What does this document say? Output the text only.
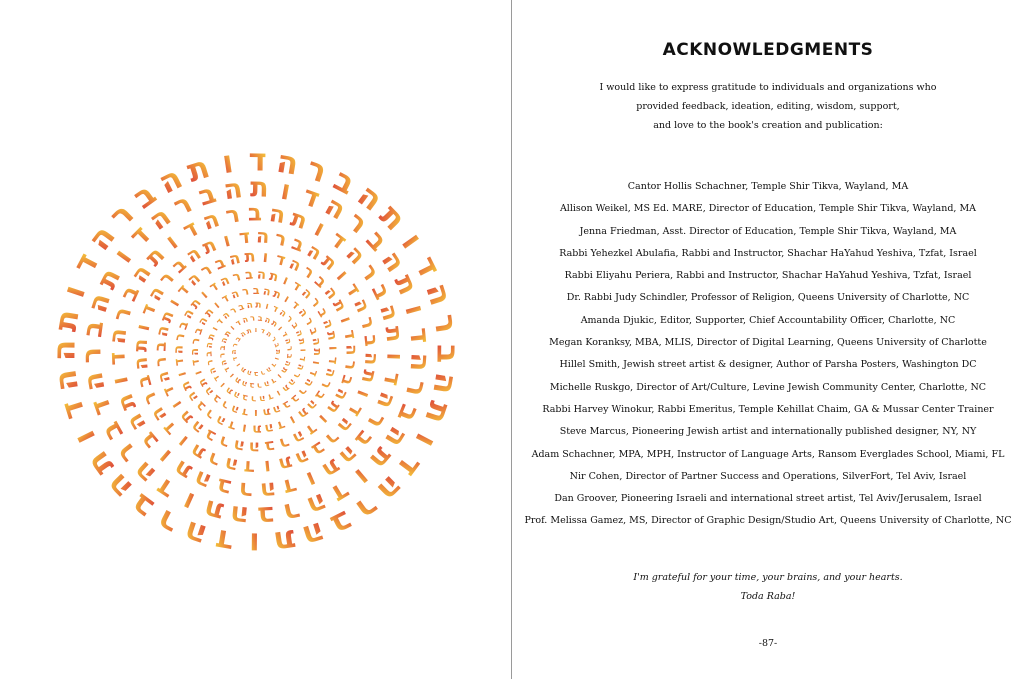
ת
ו
ד
ה
ר
ב
ה
ת
ו
ד
ה
ר
ב
ה
ת ו ד
ה
ר
ב
ה
ת
ו
ד
ה
ר
ב
ה
ת
ו
ד
ה
ר
ב
ה
ת
ו
ד
ה ר ב ה
ת
ו
ד
ה
ר
ב
ה
ת
ו
ד
ה
ר
ב
ה
ת
ו
ד
ה
ר
ב
ה
ת
ו
ד
ה
ר
ב ה ת ו ד
ה
ר
ב
ה
ת
ו
ד
ה
ר
ב
ה
ת
ו
ד
ה
ר
ב
ה
ת
ו
ד
ה
ר
ב
ה
ת
ו
ד
ה ר ב ה ת ו
ד
ה
ר
ב
ה
ת
ו
ד
ה
ר
ב
ה
ת
ו
ד
ה
ר
ב
ה
ת
ו
ד
ה
ר
ב
ה
ת
ו
ד
ה
ר ב ה ת ו
ד
ה
ר
ב
ה
ת
ו
ד
ה
ר
ב
ה
ת
ו
ד
ה
ר
ב
ה
ת
ו
ד
ה
ר
ב
ה
ת
ו
ד
ה
ר
ב ה ת ו ד
ה
ר
ב
ה
ת
ו
ד
ה
ר
ב
ה
ת
ו
ד
ה
ר
ב
ה
ת
ו
ד
ה
ר
ב
ה
ת
ו
ד
ה
ר
ב
ה
ת ו ד ה ר ב
ה
ת
ו
ד
ה
ר
ב
ה
ת
ו
ד
ה
ר
ב
ה
ת
ו
ד
ה
ר
ב
ה
ת
ו
ד
ה
ר
ב
ה
ת
ו
ד
ה ר ב ה ת ו
ד
ה
ר
ב
ה
ת
ו
ד
ה
ר
ב
ה
ת
ו
ד
ה
ר
ב
ה
ת
ו
ד
ה
ר
ב
ה
ת
ו
ד
ה
ר
ב ה ת ו ד
ה
ר
ב
ה
ת
ו
ד
ה
ר
ב
ה
ת
ו
ד
ה
ר
ב
ה
ת
ו
ד
ה
ר
ב
ה
ת
ו
ד
ה
ר
ב
ה
ת ו ד ה ר
ב
ה
ת
ו
ד
ה
ר
ב
ה
ת
ו
ד
ה
ר
ב
ה
ת
ו
ד
ה
ר
ב
ה
ת
ו
ד
ה
ACKNOWLEDGMENTS
I would like to express gratitude to individuals and organizations who
provided feedback, ideation, editing, wisdom, support,
and love to the book's creation and publication:
Cantor Hollis Schachner, Temple Shir Tikva, Wayland, MA
Allison Weikel, MS Ed. MARE, Director of Education, Temple Shir Tikva, Wayland, MA
Jenna Friedman, Asst. Director of Education, Temple Shir Tikva, Wayland, MA
Rabbi Yehezkel Abulafia, Rabbi and Instructor, Shachar HaYahud Yeshiva, Tzfat, Israel
Rabbi Eliyahu Periera, Rabbi and Instructor, Shachar HaYahud Yeshiva, Tzfat, Israel
Dr. Rabbi Judy Schindler, Professor of Religion, Queens University of Charlotte, NC
Amanda Djukic, Editor, Supporter, Chief Accountability Officer, Charlotte, NC
Megan Koranksy, MBA, MLIS, Director of Digital Learning, Queens University of Charlotte
Hillel Smith, Jewish street artist & designer, Author of Parsha Posters, Washington DC
Michelle Ruskgo, Director of Art/Culture, Levine Jewish Community Center, Charlotte, NC
Rabbi Harvey Winokur, Rabbi Emeritus, Temple Kehillat Chaim, GA & Mussar Center Trainer
Steve Marcus, Pioneering Jewish artist and internationally published designer, NY, NY
Adam Schachner, MPA, MPH, Instructor of Language Arts, Ransom Everglades School, Miami, FL
Nir Cohen, Director of Partner Success and Operations, SilverFort, Tel Aviv, Israel
Dan Groover, Pioneering Israeli and international street artist, Tel Aviv/Jerusalem, Israel
Prof. Melissa Gamez, MS, Director of Graphic Design/Studio Art, Queens University of Charlotte, NC
I'm grateful for your time, your brains, and your hearts.
Toda Raba!
-87-
